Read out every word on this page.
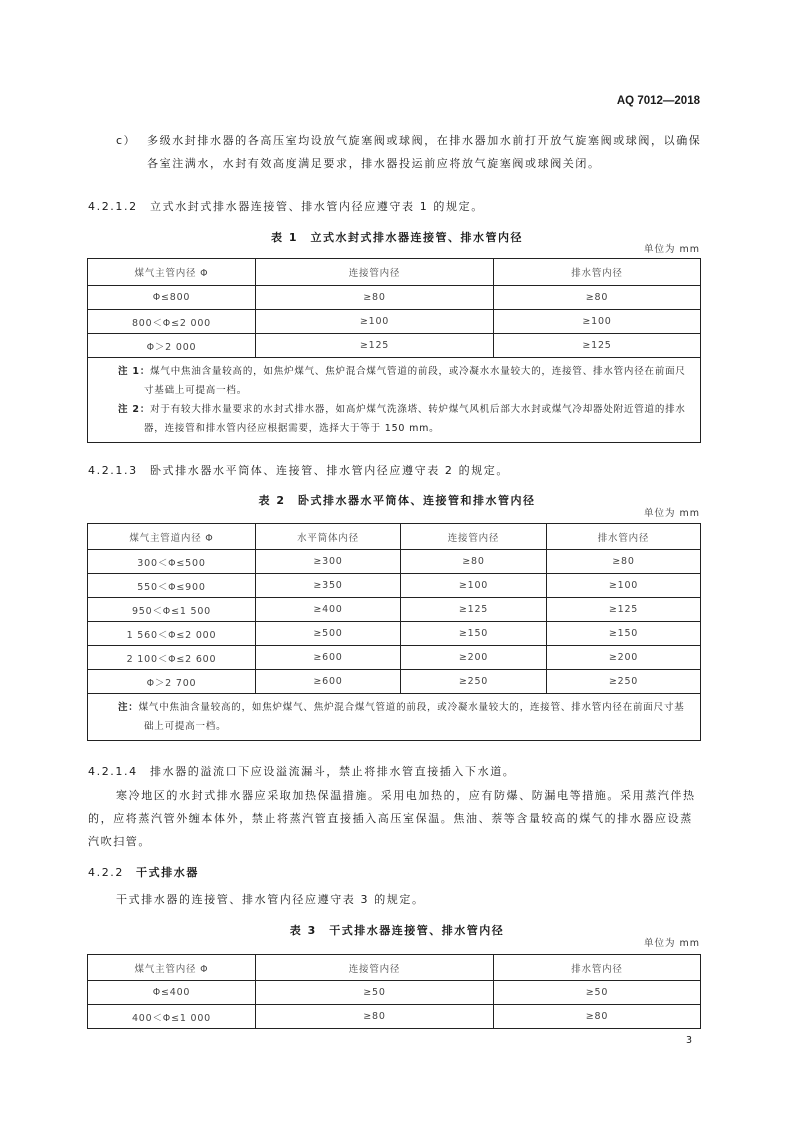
AQ 7012—2018
c） 多级水封排水器的各高压室均设放气旋塞阀或球阀，在排水器加水前打开放气旋塞阀或球阀，以确保各室注满水，水封有效高度满足要求，排水器投运前应将放气旋塞阀或球阀关闭。
4.2.1.2 立式水封式排水器连接管、排水管内径应遵守表 1 的规定。
表 1　立式水封式排水器连接管、排水管内径
单位为 mm
煤气主管内径 Φ	连接管内径	排水管内径
Φ≤800	≥80	≥80
800＜Φ≤2 000	≥100	≥100
Φ＞2 000	≥125	≥125

注 1：煤气中焦油含量较高的，如焦炉煤气、焦炉混合煤气管道的前段，或冷凝水水量较大的，连接管、排水管内径在前面尺寸基础上可提高一档。
注 2：对于有较大排水量要求的水封式排水器，如高炉煤气洗涤塔、转炉煤气风机后部大水封或煤气冷却器处附近管道的排水器，连接管和排水管内径应根据需要，选择大于等于 150 mm。		
4.2.1.3 卧式排水器水平筒体、连接管、排水管内径应遵守表 2 的规定。
表 2　卧式排水器水平筒体、连接管和排水管内径
单位为 mm
煤气主管道内径 Φ	水平筒体内径	连接管内径	排水管内径
300＜Φ≤500	≥300	≥80	≥80
550＜Φ≤900	≥350	≥100	≥100
950＜Φ≤1 500	≥400	≥125	≥125
1 560＜Φ≤2 000	≥500	≥150	≥150
2 100＜Φ≤2 600	≥600	≥200	≥200
Φ＞2 700	≥600	≥250	≥250

注：煤气中焦油含量较高的，如焦炉煤气、焦炉混合煤气管道的前段，或冷凝水量较大的，连接管、排水管内径在前面尺寸基础上可提高一档。			
4.2.1.4 排水器的溢流口下应设溢流漏斗，禁止将排水管直接插入下水道。
寒冷地区的水封式排水器应采取加热保温措施。采用电加热的，应有防爆、防漏电等措施。采用蒸汽伴热的，应将蒸汽管外缠本体外，禁止将蒸汽管直接插入高压室保温。焦油、萘等含量较高的煤气的排水器应设蒸汽吹扫管。
4.2.2 干式排水器
干式排水器的连接管、排水管内径应遵守表 3 的规定。
表 3　干式排水器连接管、排水管内径
单位为 mm
煤气主管内径 Φ	连接管内径	排水管内径
Φ≤400	≥50	≥50
400＜Φ≤1 000	≥80	≥80
3
